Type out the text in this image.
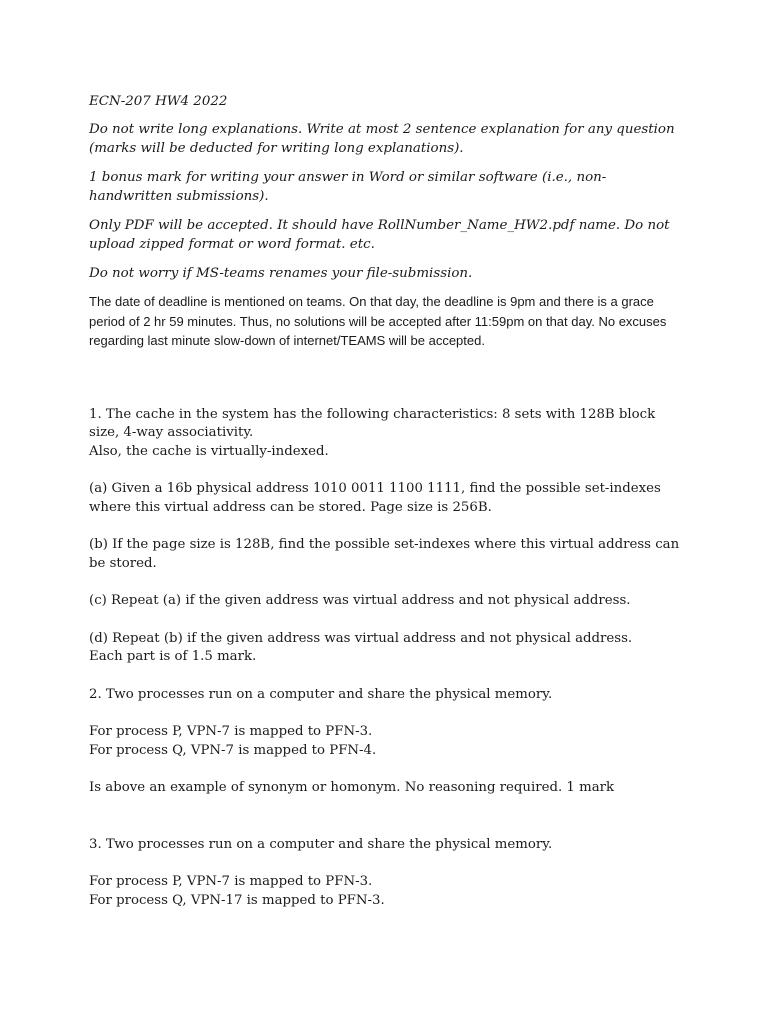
ECN-207 HW4 2022

Do not write long explanations. Write at most 2 sentence explanation for any question (marks will be deducted for writing long explanations).

1 bonus mark for writing your answer in Word or similar software (i.e., non-handwritten submissions).

Only PDF will be accepted. It should have RollNumber_Name_HW2.pdf name. Do not upload zipped format or word format. etc.

Do not worry if MS-teams renames your file-submission.

The date of deadline is mentioned on teams. On that day, the deadline is 9pm and there is a grace period of 2 hr 59 minutes. Thus, no solutions will be accepted after 11:59pm on that day. No excuses regarding last minute slow-down of internet/TEAMS will be accepted.

1. The cache in the system has the following characteristics: 8 sets with 128B block size, 4-way associativity.

Also, the cache is virtually-indexed.

(a) Given a 16b physical address 1010 0011 1100 1111, find the possible set-indexes where this virtual address can be stored. Page size is 256B.

(b) If the page size is 128B, find the possible set-indexes where this virtual address can be stored.

(c) Repeat (a) if the given address was virtual address and not physical address.

(d) Repeat (b) if the given address was virtual address and not physical address.

Each part is of 1.5 mark.

2. Two processes run on a computer and share the physical memory.

For process P, VPN-7 is mapped to PFN-3.

For process Q, VPN-7 is mapped to PFN-4.

Is above an example of synonym or homonym. No reasoning required. 1 mark

3. Two processes run on a computer and share the physical memory.

For process P, VPN-7 is mapped to PFN-3.

For process Q, VPN-17 is mapped to PFN-3.
